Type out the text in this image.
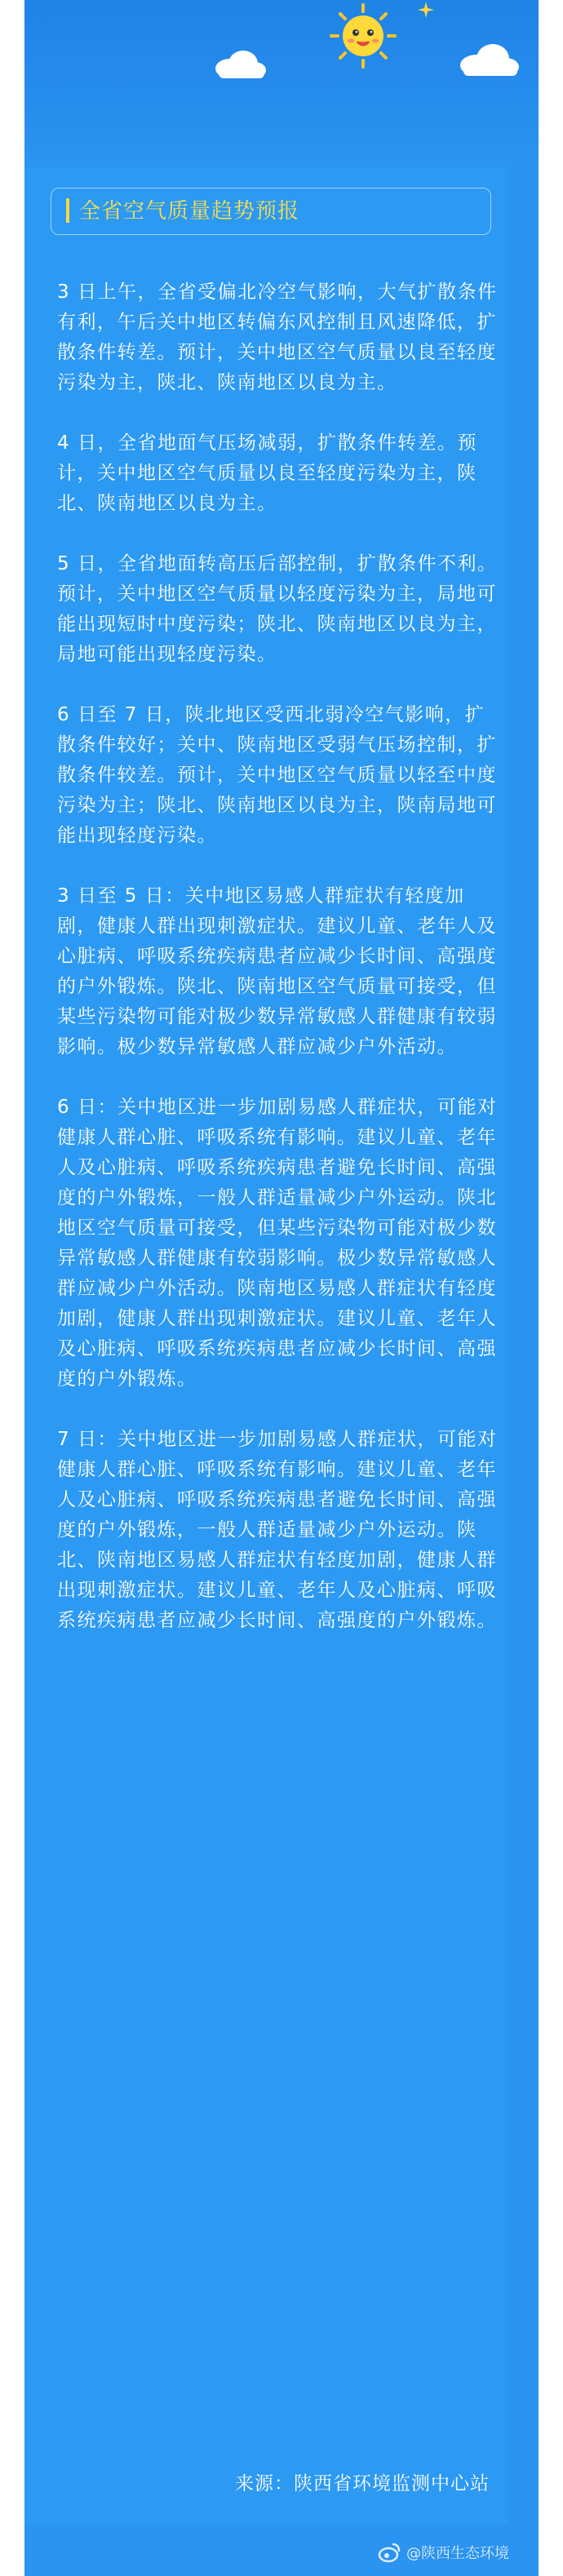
全省空气质量趋势预报

3 日上午，全省受偏北冷空气影响，大气扩散条件有利，午后关中地区转偏东风控制且风速降低，扩散条件转差。预计，关中地区空气质量以良至轻度污染为主，陕北、陕南地区以良为主。

4 日，全省地面气压场减弱，扩散条件转差。预计，关中地区空气质量以良至轻度污染为主，陕北、陕南地区以良为主。

5 日，全省地面转高压后部控制，扩散条件不利。预计，关中地区空气质量以轻度污染为主，局地可能出现短时中度污染；陕北、陕南地区以良为主，局地可能出现轻度污染。

6 日至 7 日，陕北地区受西北弱冷空气影响，扩散条件较好；关中、陕南地区受弱气压场控制，扩散条件较差。预计，关中地区空气质量以轻至中度污染为主；陕北、陕南地区以良为主，陕南局地可能出现轻度污染。

3 日至 5 日：关中地区易感人群症状有轻度加剧，健康人群出现刺激症状。建议儿童、老年人及心脏病、呼吸系统疾病患者应减少长时间、高强度的户外锻炼。陕北、陕南地区空气质量可接受，但某些污染物可能对极少数异常敏感人群健康有较弱影响。极少数异常敏感人群应减少户外活动。

6 日：关中地区进一步加剧易感人群症状，可能对健康人群心脏、呼吸系统有影响。建议儿童、老年人及心脏病、呼吸系统疾病患者避免长时间、高强度的户外锻炼，一般人群适量减少户外运动。陕北地区空气质量可接受，但某些污染物可能对极少数异常敏感人群健康有较弱影响。极少数异常敏感人群应减少户外活动。陕南地区易感人群症状有轻度加剧，健康人群出现刺激症状。建议儿童、老年人及心脏病、呼吸系统疾病患者应减少长时间、高强度的户外锻炼。

7 日：关中地区进一步加剧易感人群症状，可能对健康人群心脏、呼吸系统有影响。建议儿童、老年人及心脏病、呼吸系统疾病患者避免长时间、高强度的户外锻炼，一般人群适量减少户外运动。陕北、陕南地区易感人群症状有轻度加剧，健康人群出现刺激症状。建议儿童、老年人及心脏病、呼吸系统疾病患者应减少长时间、高强度的户外锻炼。

来源：陕西省环境监测中心站
@陕西生态环境
